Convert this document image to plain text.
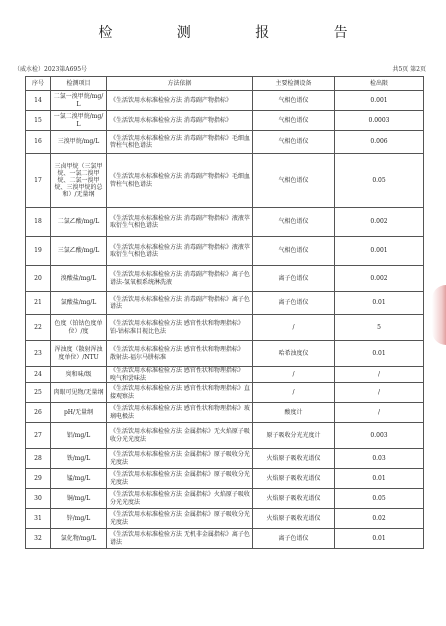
检 测 报 告
（威水检）2023第A695号	共5页 第2页
序号	检测项目	方法依据	主要检测设备	检出限
14	二氯一溴甲烷/mg/L	《生活饮用水标准检验方法 消毒副产物指标》	气相色谱仪	0.001
15	一氯二溴甲烷/mg/L	《生活饮用水标准检验方法 消毒副产物指标》	气相色谱仪	0.0003
16	三溴甲烷/mg/L	《生活饮用水标准检验方法 消毒副产物指标》毛细血管柱气相色谱法	气相色谱仪	0.006
17	三卤甲烷（三氯甲烷、一氯二溴甲烷、二氯一溴甲烷、三溴甲烷的总和）/无量纲	《生活饮用水标准检验方法 消毒副产物指标》毛细血管柱气相色谱法	气相色谱仪	0.05
18	二氯乙酸/mg/L	《生活饮用水标准检验方法 消毒副产物指标》液液萃取衍生气相色谱法	气相色谱仪	0.002
19	三氯乙酸/mg/L	《生活饮用水标准检验方法 消毒副产物指标》液液萃取衍生气相色谱法	气相色谱仪	0.001
20	溴酸盐/mg/L	《生活饮用水标准检验方法 消毒副产物指标》离子色谱法-氢氧根系统淋洗液	离子色谱仪	0.002
21	氯酸盐/mg/L	《生活饮用水标准检验方法 消毒副产物指标》离子色谱法	离子色谱仪	0.01
22	色度（铂钴色度单位）/度	《生活饮用水标准检验方法 感官性状和物理指标》 铂-钴标准目视比色法	/	5
23	浑浊度（散射浑浊度单位）/NTU	《生活饮用水标准检验方法 感官性状和物理指标》 散射法-福尔马肼标准	哈希浊度仪	0.01
24	臭和味/级	《生活饮用水标准检验方法 感官性状和物理指标》 嗅气和尝味法	/	/
25	肉眼可见物/无量纲	《生活饮用水标准检验方法 感官性状和物理指标》直接观察法	/	/
26	pH/无量纲	《生活饮用水标准检验方法 感官性状和物理指标》玻璃电极法	酸度计	/
27	铝/mg/L	《生活饮用水标准检验方法 金属指标》无火焰原子吸收分光光度法	原子吸收分光光度计	0.003
28	铁/mg/L	《生活饮用水标准检验方法 金属指标》原子吸收分光光度法	火焰原子吸收光谱仪	0.03
29	锰/mg/L	《生活饮用水标准检验方法 金属指标》原子吸收分光光度法	火焰原子吸收光谱仪	0.01
30	铜/mg/L	《生活饮用水标准检验方法 金属指标》火焰原子吸收分光光度法	火焰原子吸收光谱仪	0.05
31	锌/mg/L	《生活饮用水标准检验方法 金属指标》原子吸收分光光度法	火焰原子吸收光谱仪	0.02
32	氯化物/mg/L	《生活饮用水标准检验方法 无机非金属指标》离子色谱法	离子色谱仪	0.01
